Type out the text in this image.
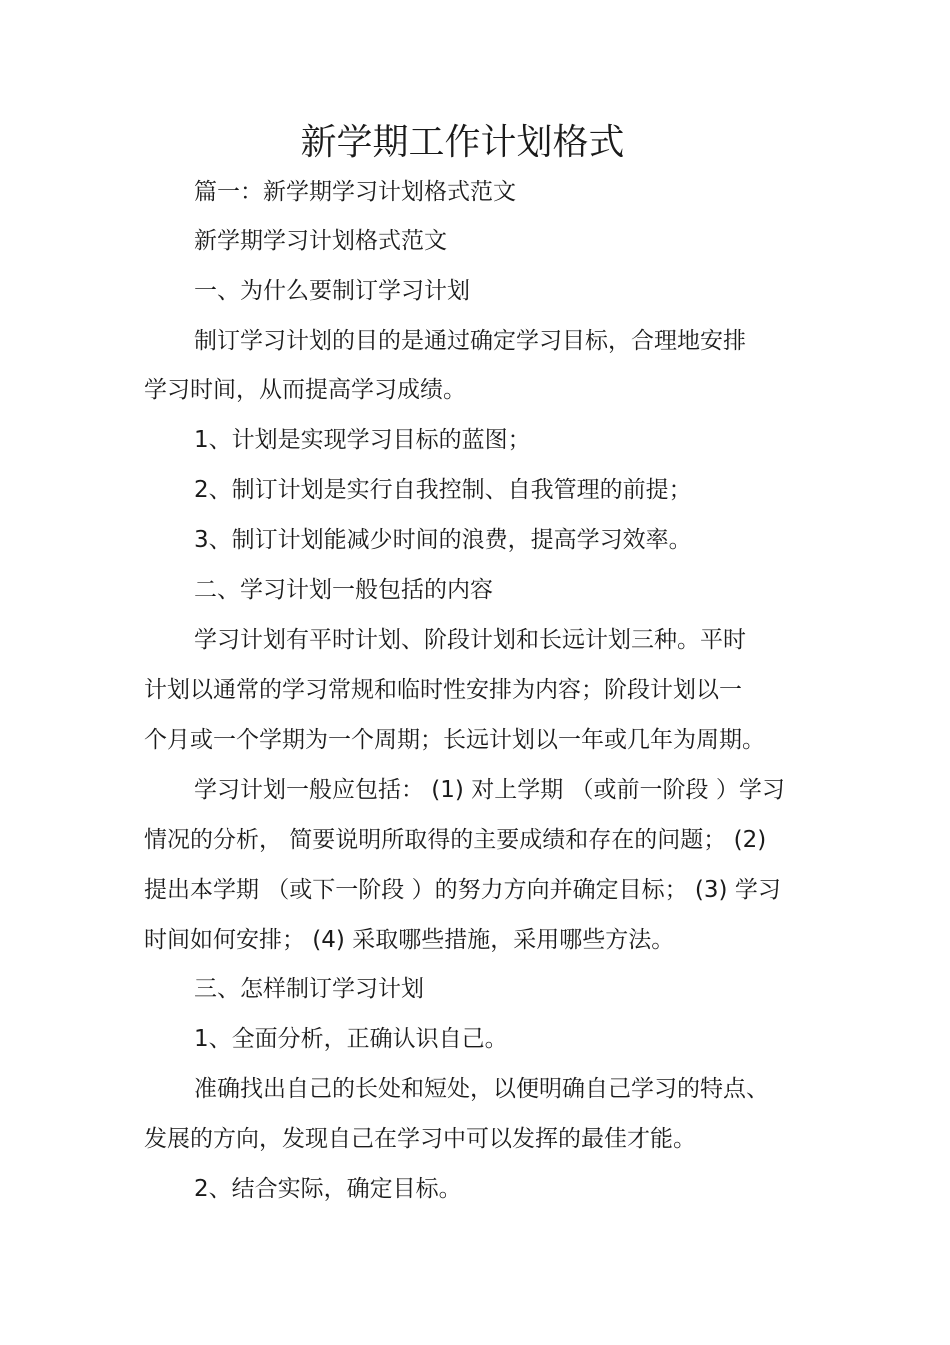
新学期工作计划格式
篇一：新学期学习计划格式范文
新学期学习计划格式范文
一、为什么要制订学习计划
制订学习计划的目的是通过确定学习目标，合理地安排
学习时间，从而提高学习成绩。
1、计划是实现学习目标的蓝图；
2、制订计划是实行自我控制、自我管理的前提；
3、制订计划能减少时间的浪费，提高学习效率。
二、学习计划一般包括的内容
学习计划有平时计划、阶段计划和长远计划三种。平时
计划以通常的学习常规和临时性安排为内容；阶段计划以一
个月或一个学期为一个周期；长远计划以一年或几年为周期。
学习计划一般应包括： (1) 对上学期 （或前一阶段 ）学习
情况的分析， 简要说明所取得的主要成绩和存在的问题； (2)
提出本学期 （或下一阶段 ）的努力方向并确定目标； (3) 学习
时间如何安排； (4) 采取哪些措施，采用哪些方法。
三、怎样制订学习计划
1、全面分析，正确认识自己。
准确找出自己的长处和短处，以便明确自己学习的特点、
发展的方向，发现自己在学习中可以发挥的最佳才能。
2、结合实际，确定目标。
